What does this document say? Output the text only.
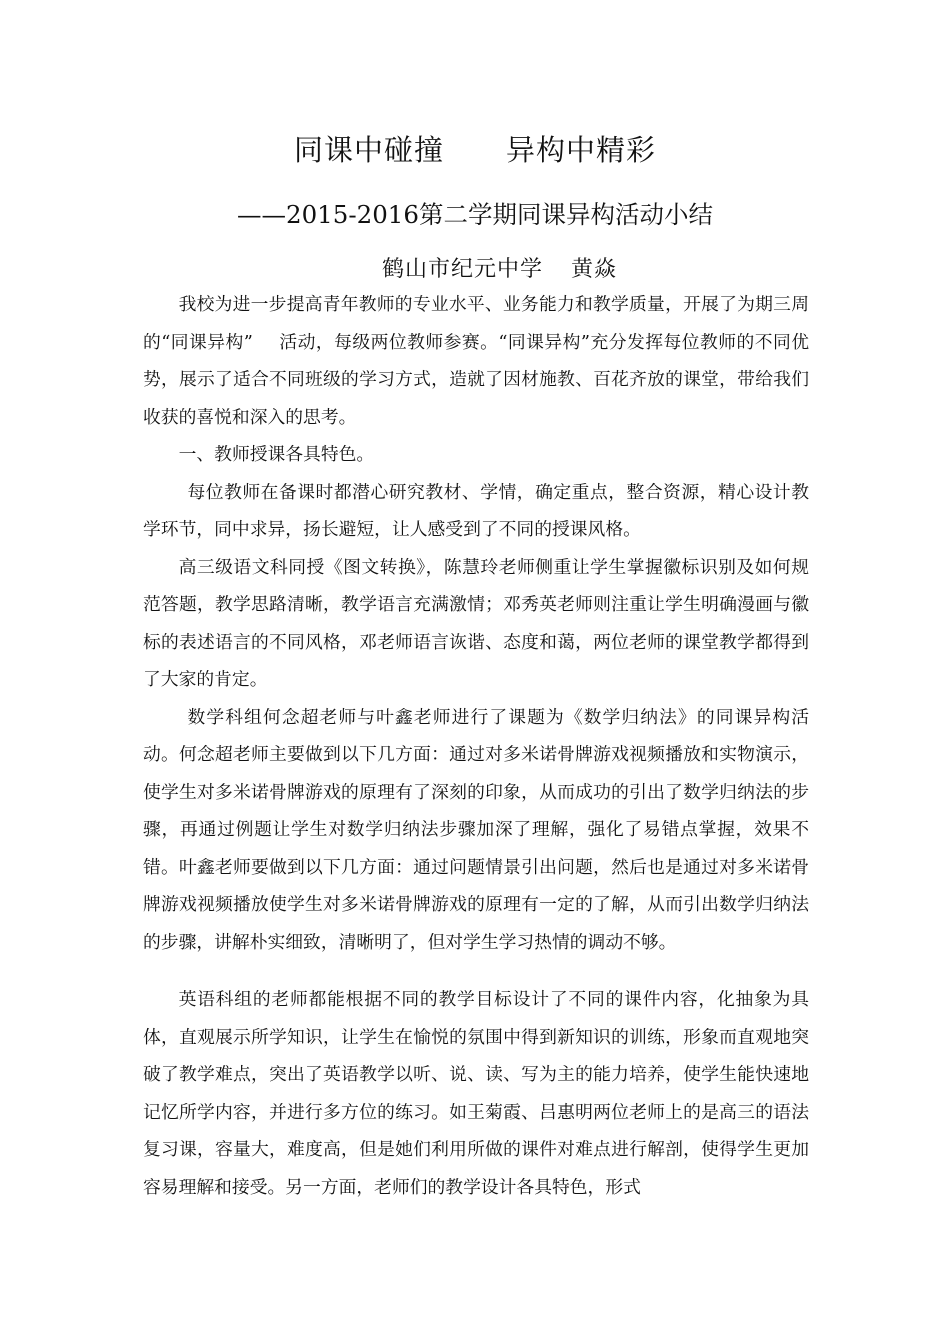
同课中碰撞 异构中精彩
——2015-2016第二学期同课异构活动小结
鹤山市纪元中学 黄焱

我校为进一步提高青年教师的专业水平、业务能力和教学质量，开展了为期三周的“同课异构” 活动，每级两位教师参赛。“同课异构”充分发挥每位教师的不同优势，展示了适合不同班级的学习方式，造就了因材施教、百花齐放的课堂，带给我们收获的喜悦和深入的思考。

一、教师授课各具特色。

每位教师在备课时都潜心研究教材、学情，确定重点，整合资源，精心设计教学环节，同中求异，扬长避短，让人感受到了不同的授课风格。

高三级语文科同授《图文转换》，陈慧玲老师侧重让学生掌握徽标识别及如何规范答题，教学思路清晰，教学语言充满激情；邓秀英老师则注重让学生明确漫画与徽标的表述语言的不同风格，邓老师语言诙谐、态度和蔼，两位老师的课堂教学都得到了大家的肯定。

数学科组何念超老师与叶鑫老师进行了课题为《数学归纳法》的同课异构活动。何念超老师主要做到以下几方面：通过对多米诺骨牌游戏视频播放和实物演示，使学生对多米诺骨牌游戏的原理有了深刻的印象，从而成功的引出了数学归纳法的步骤，再通过例题让学生对数学归纳法步骤加深了理解，强化了易错点掌握，效果不错。叶鑫老师要做到以下几方面：通过问题情景引出问题，然后也是通过对多米诺骨牌游戏视频播放使学生对多米诺骨牌游戏的原理有一定的了解，从而引出数学归纳法的步骤，讲解朴实细致，清晰明了，但对学生学习热情的调动不够。

英语科组的老师都能根据不同的教学目标设计了不同的课件内容，化抽象为具体，直观展示所学知识，让学生在愉悦的氛围中得到新知识的训练，形象而直观地突破了教学难点，突出了英语教学以听、说、读、写为主的能力培养，使学生能快速地记忆所学内容，并进行多方位的练习。如王菊霞、吕惠明两位老师上的是高三的语法复习课，容量大，难度高，但是她们利用所做的课件对难点进行解剖，使得学生更加容易理解和接受。另一方面，老师们的教学设计各具特色，形式
